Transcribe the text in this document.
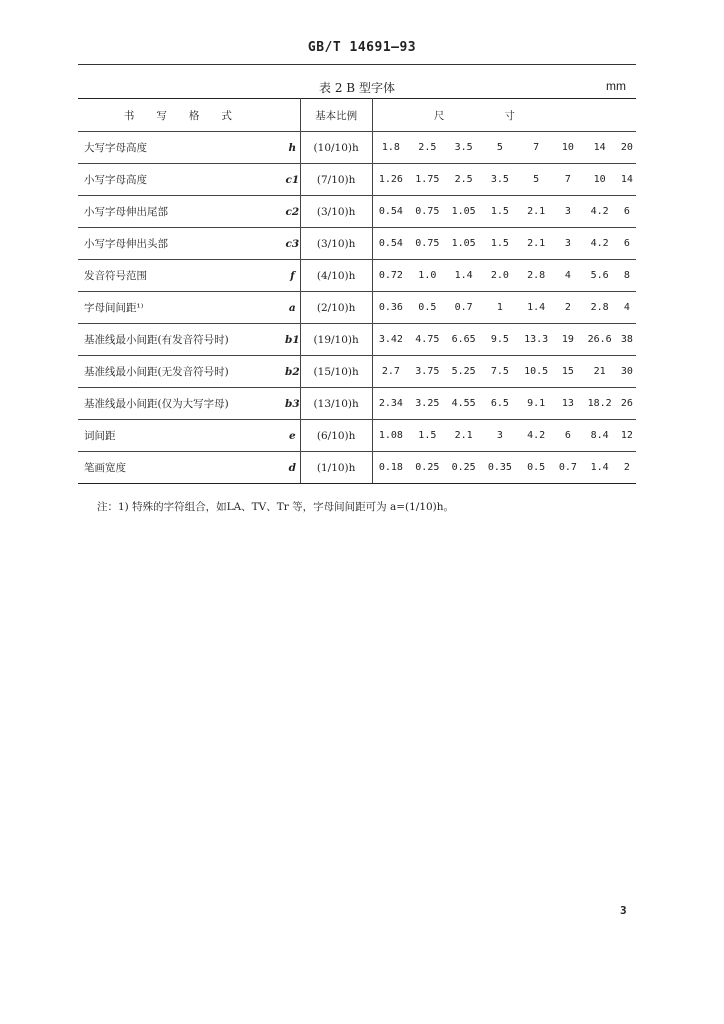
GB/T 14691—93
表 2 B 型字体	mm
书写格式		基本比例	尺寸							
大写字母高度	h	(10/10)h	1.8	2.5	3.5	5	7	10	14	20
小写字母高度	c1	(7/10)h	1.26	1.75	2.5	3.5	5	7	10	14
小写字母伸出尾部	c2	(3/10)h	0.54	0.75	1.05	1.5	2.1	3	4.2	6
小写字母伸出头部	c3	(3/10)h	0.54	0.75	1.05	1.5	2.1	3	4.2	6
发音符号范围	f	(4/10)h	0.72	1.0	1.4	2.0	2.8	4	5.6	8
字母间间距¹⁾	a	(2/10)h	0.36	0.5	0.7	1	1.4	2	2.8	4
基准线最小间距(有发音符号时)	b1	(19/10)h	3.42	4.75	6.65	9.5	13.3	19	26.6	38
基准线最小间距(无发音符号时)	b2	(15/10)h	2.7	3.75	5.25	7.5	10.5	15	21	30
基准线最小间距(仅为大写字母)	b3	(13/10)h	2.34	3.25	4.55	6.5	9.1	13	18.2	26
词间距	e	(6/10)h	1.08	1.5	2.1	3	4.2	6	8.4	12
笔画宽度	d	(1/10)h	0.18	0.25	0.25	0.35	0.5	0.7	1.4	2
注：1) 特殊的字符组合，如LA、TV、Tr 等，字母间间距可为 a=(1/10)h。
3
